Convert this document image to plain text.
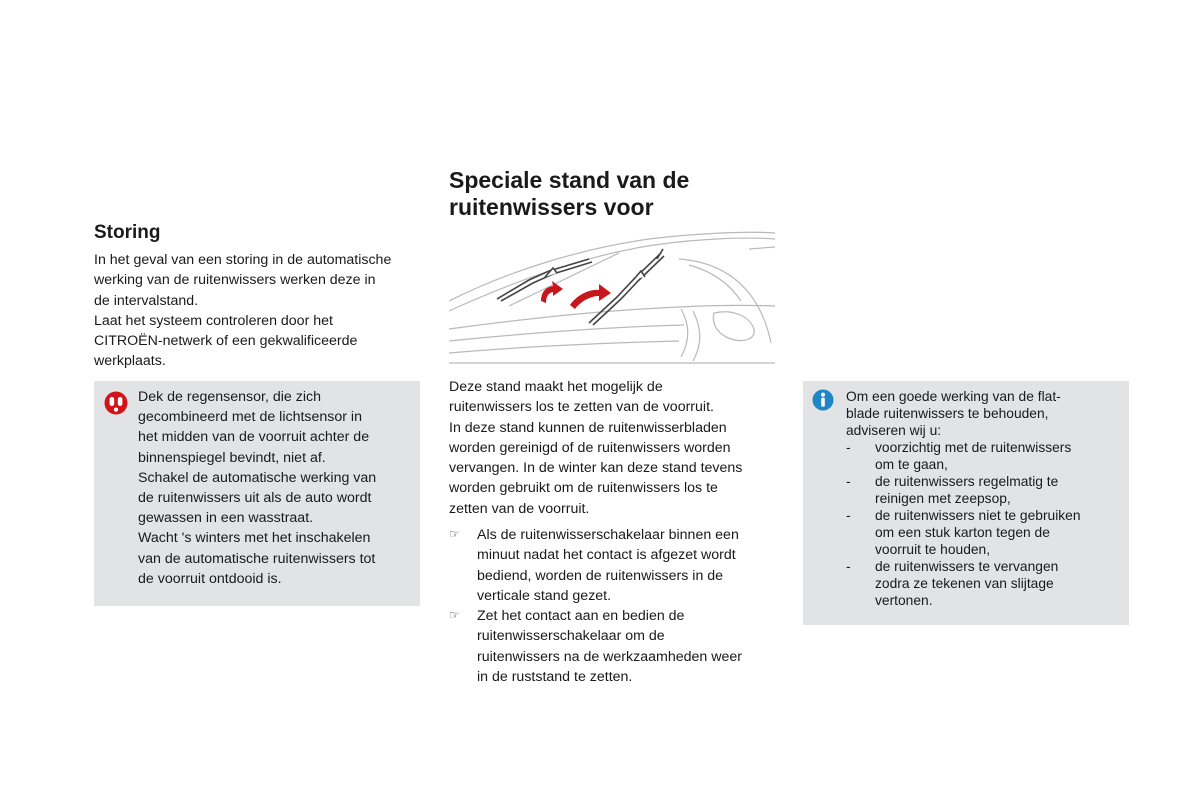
Storing

In het geval van een storing in de automatische

werking van de ruitenwissers werken deze in

de intervalstand.

Laat het systeem controleren door het

CITROËN-netwerk of een gekwalificeerde

werkplaats.

Dek de regensensor, die zich
gecombineerd met de lichtsensor in
het midden van de voorruit achter de
binnenspiegel bevindt, niet af.
Schakel de automatische werking van
de ruitenwissers uit als de auto wordt
gewassen in een wasstraat.
Wacht 's winters met het inschakelen
van de automatische ruitenwissers tot
de voorruit ontdooid is.
Speciale stand van de
ruitenwissers voor

Deze stand maakt het mogelijk de

ruitenwissers los te zetten van de voorruit.

In deze stand kunnen de ruitenwisserbladen

worden gereinigd of de ruitenwissers worden

vervangen. In de winter kan deze stand tevens

worden gebruikt om de ruitenwissers los te

zetten van de voorruit.

☞	Als de ruitenwisserschakelaar binnen een

minuut nadat het contact is afgezet wordt

bediend, worden de ruitenwissers in de

verticale stand gezet.

☞	Zet het contact aan en bedien de

ruitenwisserschakelaar om de

ruitenwissers na de werkzaamheden weer

in de ruststand te zetten.

Om een goede werking van de flat-
blade ruitenwissers te behouden,
adviseren wij u:
-	voorzichtig met de ruitenwissers
om te gaan,
-	de ruitenwissers regelmatig te
reinigen met zeepsop,
-	de ruitenwissers niet te gebruiken
om een stuk karton tegen de
voorruit te houden,
-	de ruitenwissers te vervangen
zodra ze tekenen van slijtage
vertonen.
